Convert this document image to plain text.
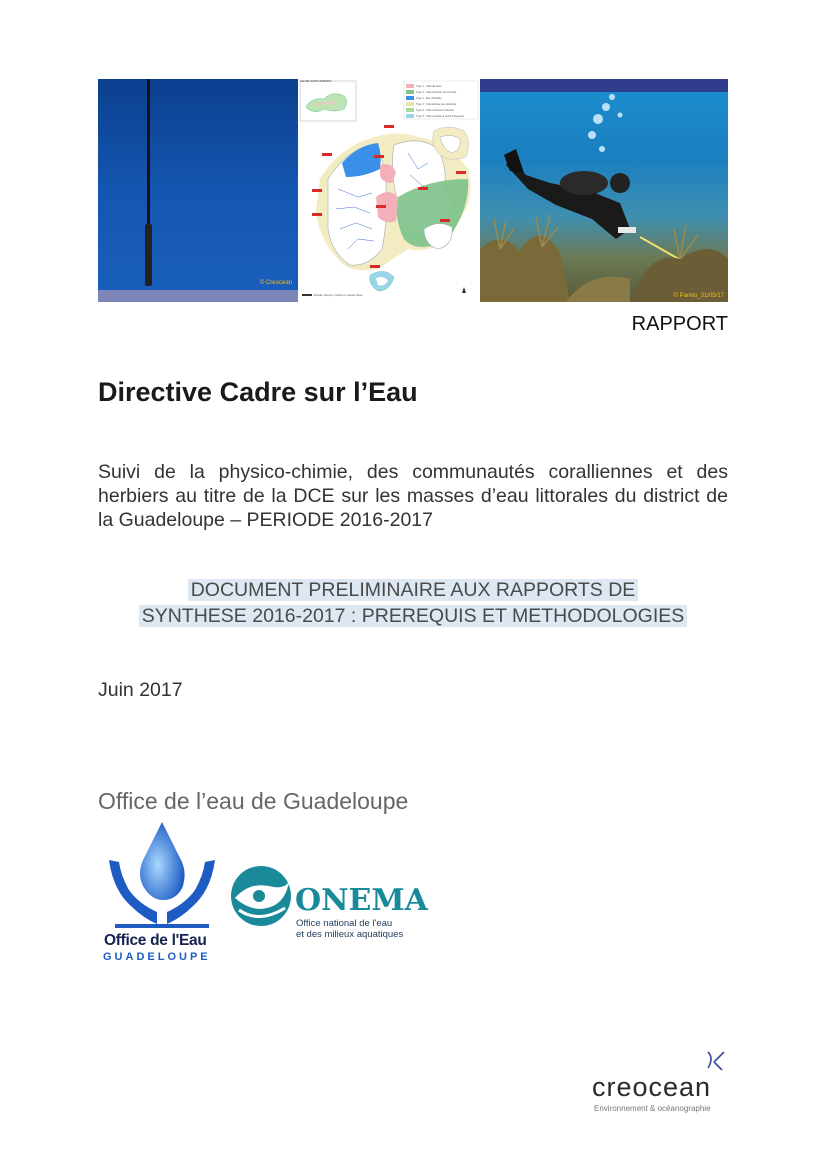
© Créocean
Type 1 : Côte de Vase
Type 2 : Côte dominée par la houle
Type 3 : Mer d'Antilles
Type 4 : Côte abritée peu profonde
Type 5 : Côte rocheuse profonde
Type 6 : Côte exposée à récifs frangeants
Échelle: Fleuves, rivières et masses d'eau
ILE DE SAINT-MARTIN
© Pareto_31/05/17
RAPPORT
Directive Cadre sur l’Eau
Suivi de la physico-chimie, des communautés coralliennes et des herbiers au titre de la DCE sur les masses d’eau littorales du district de la Guadeloupe – PERIODE 2016-2017
DOCUMENT PRELIMINAIRE AUX RAPPORTS DE
SYNTHESE 2016-2017 : PREREQUIS ET METHODOLOGIES
Juin 2017
Office de l’eau de Guadeloupe
Office de l'Eau
GUADELOUPE
ONEMA
Office national de l'eau
et des milieux aquatiques
creocean
Environnement & océanographie
